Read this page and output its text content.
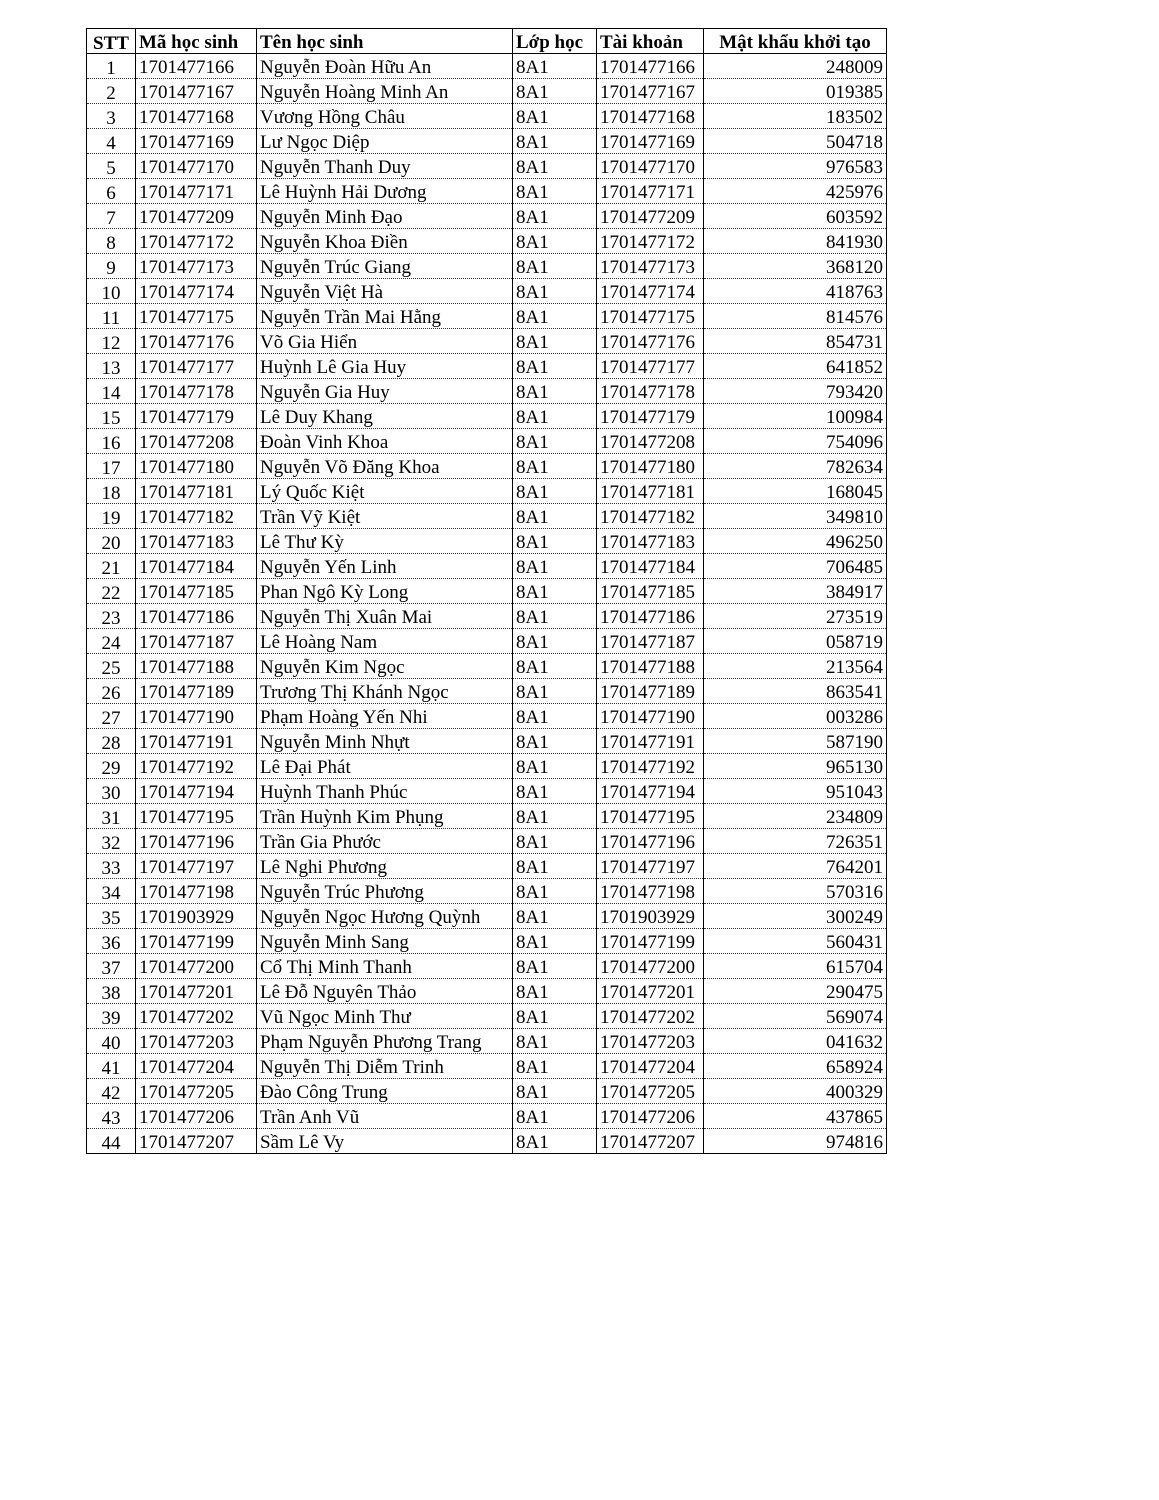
STT	Mã học sinh	Tên học sinh	Lớp học	Tài khoản	Mật khẩu khởi tạo
1	1701477166	Nguyễn Đoàn Hữu An	8A1	1701477166	248009
2	1701477167	Nguyễn Hoàng Minh An	8A1	1701477167	019385
3	1701477168	Vương Hồng Châu	8A1	1701477168	183502
4	1701477169	Lư Ngọc Diệp	8A1	1701477169	504718
5	1701477170	Nguyễn Thanh Duy	8A1	1701477170	976583
6	1701477171	Lê Huỳnh Hải Dương	8A1	1701477171	425976
7	1701477209	Nguyễn Minh Đạo	8A1	1701477209	603592
8	1701477172	Nguyễn Khoa Điền	8A1	1701477172	841930
9	1701477173	Nguyễn Trúc Giang	8A1	1701477173	368120
10	1701477174	Nguyễn Việt Hà	8A1	1701477174	418763
11	1701477175	Nguyễn Trần Mai Hằng	8A1	1701477175	814576
12	1701477176	Võ Gia Hiển	8A1	1701477176	854731
13	1701477177	Huỳnh Lê Gia Huy	8A1	1701477177	641852
14	1701477178	Nguyễn Gia Huy	8A1	1701477178	793420
15	1701477179	Lê Duy Khang	8A1	1701477179	100984
16	1701477208	Đoàn Vinh Khoa	8A1	1701477208	754096
17	1701477180	Nguyễn Võ Đăng Khoa	8A1	1701477180	782634
18	1701477181	Lý Quốc Kiệt	8A1	1701477181	168045
19	1701477182	Trần Vỹ Kiệt	8A1	1701477182	349810
20	1701477183	Lê Thư Kỳ	8A1	1701477183	496250
21	1701477184	Nguyễn Yến Linh	8A1	1701477184	706485
22	1701477185	Phan Ngô Kỳ Long	8A1	1701477185	384917
23	1701477186	Nguyễn Thị Xuân Mai	8A1	1701477186	273519
24	1701477187	Lê Hoàng Nam	8A1	1701477187	058719
25	1701477188	Nguyễn Kim Ngọc	8A1	1701477188	213564
26	1701477189	Trương Thị Khánh Ngọc	8A1	1701477189	863541
27	1701477190	Phạm Hoàng Yến Nhi	8A1	1701477190	003286
28	1701477191	Nguyễn Minh Nhựt	8A1	1701477191	587190
29	1701477192	Lê Đại Phát	8A1	1701477192	965130
30	1701477194	Huỳnh Thanh Phúc	8A1	1701477194	951043
31	1701477195	Trần Huỳnh Kim Phụng	8A1	1701477195	234809
32	1701477196	Trần Gia Phước	8A1	1701477196	726351
33	1701477197	Lê Nghi Phương	8A1	1701477197	764201
34	1701477198	Nguyễn Trúc Phương	8A1	1701477198	570316
35	1701903929	Nguyễn Ngọc Hương Quỳnh	8A1	1701903929	300249
36	1701477199	Nguyễn Minh Sang	8A1	1701477199	560431
37	1701477200	Cổ Thị Minh Thanh	8A1	1701477200	615704
38	1701477201	Lê Đỗ Nguyên Thảo	8A1	1701477201	290475
39	1701477202	Vũ Ngọc Minh Thư	8A1	1701477202	569074
40	1701477203	Phạm Nguyễn Phương Trang	8A1	1701477203	041632
41	1701477204	Nguyễn Thị Diễm Trinh	8A1	1701477204	658924
42	1701477205	Đào Công Trung	8A1	1701477205	400329
43	1701477206	Trần Anh Vũ	8A1	1701477206	437865
44	1701477207	Sầm Lê Vy	8A1	1701477207	974816
